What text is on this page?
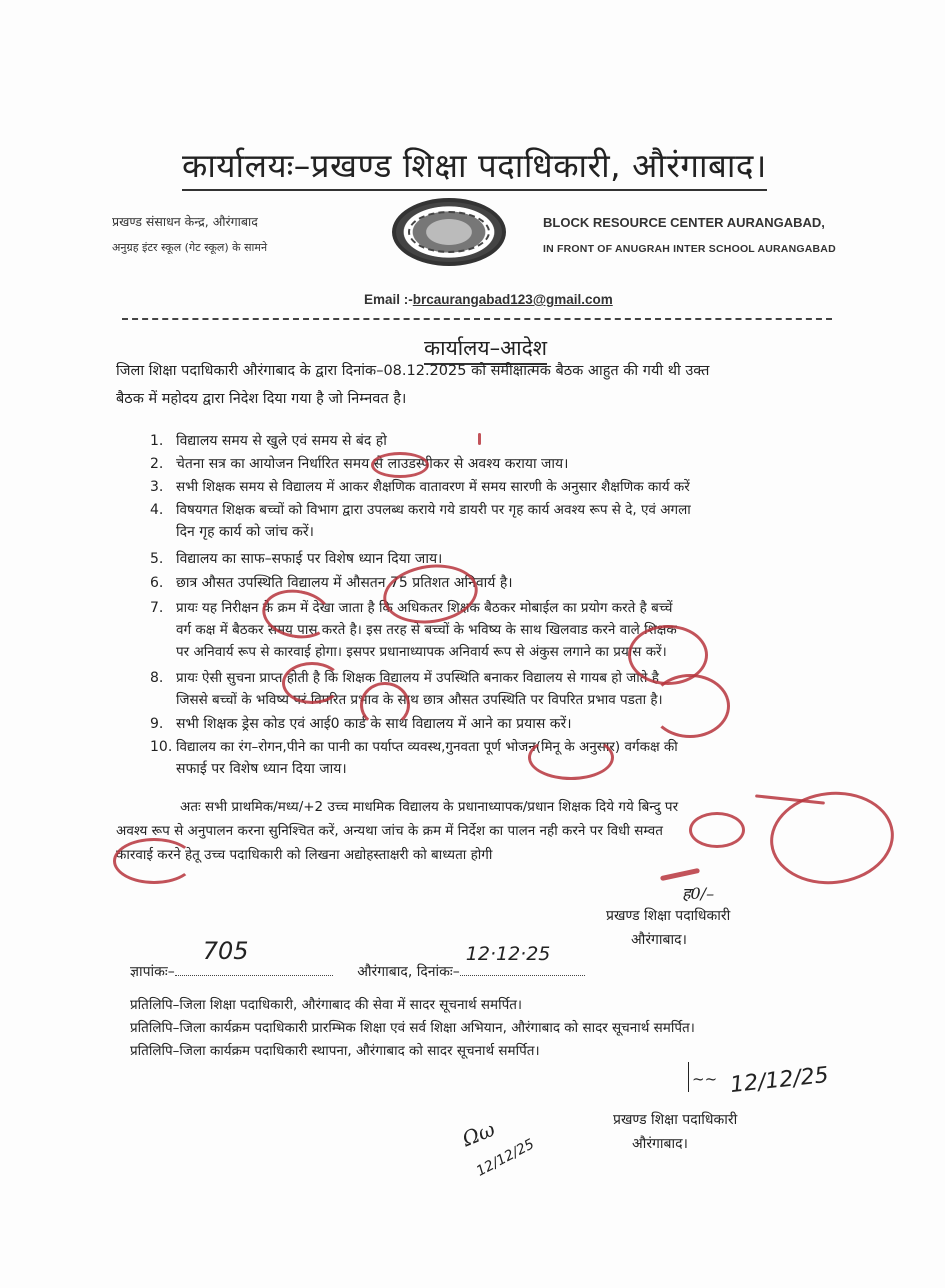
कार्यालयः–प्रखण्ड शिक्षा पदाधिकारी, औरंगाबाद।
प्रखण्ड संसाधन केन्द्र, औरंगाबाद
अनुग्रह इंटर स्कूल (गेट स्कूल) के सामने
BLOCK RESOURCE CENTER AURANGABAD,
IN FRONT OF ANUGRAH INTER SCHOOL AURANGABAD
Email :-brcaurangabad123@gmail.com
कार्यालय–आदेश
जिला शिक्षा पदाधिकारी औरंगाबाद के द्वारा दिनांक–08.12.2025 को समीक्षात्मक बैठक आहुत की गयी थी उक्त
बैठक में महोदय द्वारा निदेश दिया गया है जो निम्नवत है।
1. विद्यालय समय से खुले एवं समय से बंद हो
2. चेतना सत्र का आयोजन निर्धारित समय से लाउडस्पीकर से अवश्य कराया जाय।
3. सभी शिक्षक समय से विद्यालय में आकर शैक्षणिक वातावरण में समय सारणी के अनुसार शैक्षणिक कार्य करें
4. विषयगत शिक्षक बच्चों को विभाग द्वारा उपलब्ध कराये गये डायरी पर गृह कार्य अवश्य रूप से दे, एवं अगला
दिन गृह कार्य को जांच करें।
5. विद्यालय का साफ–सफाई पर विशेष ध्यान दिया जाय।
6. छात्र औसत उपस्थिति विद्यालय में औसतन 75 प्रतिशत अनिवार्य है।
7. प्रायः यह निरीक्षन के क्रम में देखा जाता है कि अधिकतर शिक्षक बैठकर मोबाईल का प्रयोग करते है बच्चें
वर्ग कक्ष में बैठकर समय पास करते है। इस तरह से बच्चों के भविष्य के साथ खिलवाड करने वाले शिक्षक
पर अनिवार्य रूप से कारवाई होगा। इसपर प्रधानाध्यापक अनिवार्य रूप से अंकुस लगाने का प्रयास करें।
8. प्रायः ऐसी सुचना प्राप्त होती है कि शिक्षक विद्यालय में उपस्थिति बनाकर विद्यालय से गायब हो जाते है
जिससे बच्चों के भविष्य परं विपरित प्रभाव के साथ छात्र औसत उपस्थिति पर विपरित प्रभाव पडता है।
9. सभी शिक्षक ड्रेस कोड एवं आई0 कार्ड के साथ विद्यालय में आने का प्रयास करें।
10. विद्यालय का रंग–रोगन,पीने का पानी का पर्याप्त व्यवस्थ,गुनवता पूर्ण भोजन(मिनू के अनुसार) वर्गकक्ष की
सफाई पर विशेष ध्यान दिया जाय।
अतः सभी प्राथमिक/मध्य/+2 उच्च माधमिक विद्यालय के प्रधानाध्यापक/प्रधान शिक्षक दिये गये बिन्दु पर
अवश्य रूप से अनुपालन करना सुनिश्चित करें, अन्यथा जांच के क्रम में निर्देश का पालन नही करने पर विधी सम्वत
कारवाई करने हेतू उच्च पदाधिकारी को लिखना अद्योहस्ताक्षरी को बाध्यता होगी
ह0/–
प्रखण्ड शिक्षा पदाधिकारी
औरंगाबाद।
ज्ञापांकः–
705
औरंगाबाद, दिनांकः–
12·12·25
प्रतिलिपि–जिला शिक्षा पदाधिकारी, औरंगाबाद की सेवा में सादर सूचनार्थ समर्पित।
प्रतिलिपि–जिला कार्यक्रम पदाधिकारी प्रारम्भिक शिक्षा एवं सर्व शिक्षा अभियान, औरंगाबाद को सादर सूचनार्थ समर्पित।
प्रतिलिपि–जिला कार्यक्रम पदाधिकारी स्थापना, औरंगाबाद को सादर सूचनार्थ समर्पित।
~~ 12/12/25
प्रखण्ड शिक्षा पदाधिकारी
औरंगाबाद।
Ωω
12/12/25
